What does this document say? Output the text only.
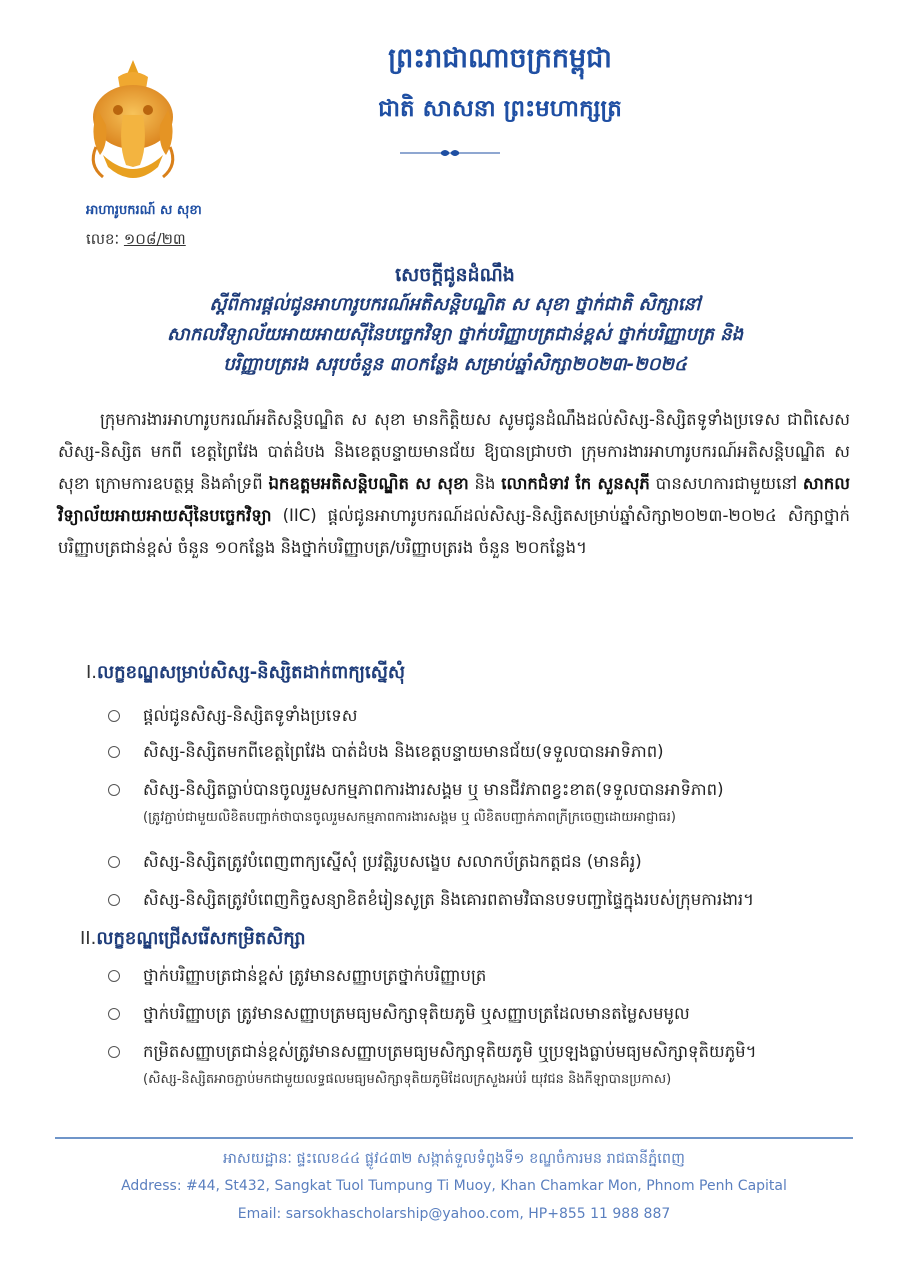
ព្រះរាជាណាចក្រកម្ពុជា
ជាតិ សាសនា ព្រះមហាក្សត្រ
អាហារូបករណ៍ ស សុខា
លេខៈ ១០៨/២៣
សេចក្តីជូនដំណឹង
ស្តីពីការផ្តល់ជូនអាហារូបករណ៍អតិសន្តិបណ្ឌិត ស សុខា ថ្នាក់ជាតិ សិក្សានៅ
សាកលវិទ្យាល័យអាយអាយស៊ីនៃបច្ចេកវិទ្យា ថ្នាក់បរិញ្ញាបត្រជាន់ខ្ពស់ ថ្នាក់បរិញ្ញាបត្រ និង
បរិញ្ញាបត្ររង សរុបចំនួន ៣០កន្លែង សម្រាប់ឆ្នាំសិក្សា២០២៣-២០២៤
ក្រុមការងារអាហារូបករណ៍អតិសន្តិបណ្ឌិត ស សុខា មានកិត្តិយស សូមជូនដំណឹងដល់សិស្ស-និស្សិតទូទាំងប្រទេស ជាពិសេសសិស្ស-និស្សិត មកពី ខេត្តព្រៃវែង បាត់ដំបង និងខេត្តបន្ទាយមានជ័យ ឱ្យបានជ្រាបថា ក្រុមការងារអាហារូបករណ៍អតិសន្តិបណ្ឌិត ស សុខា ក្រោមការឧបត្ថម្ភ និងគាំទ្រពី ឯកឧត្តមអតិសន្តិបណ្ឌិត ស សុខា និង លោកជំទាវ កែ សួនសុភី បានសហការជាមួយនៅ សាកលវិទ្យាល័យអាយអាយស៊ីនៃបច្ចេកវិទ្យា (IIC) ផ្តល់ជូនអាហារូបករណ៍ដល់សិស្ស-និស្សិតសម្រាប់ឆ្នាំសិក្សា២០២៣-២០២៤ សិក្សាថ្នាក់បរិញ្ញាបត្រជាន់ខ្ពស់ ចំនួន ១០កន្លែង និងថ្នាក់បរិញ្ញាបត្រ/បរិញ្ញាបត្ររង ចំនួន ២០កន្លែង។
I.លក្ខខណ្ឌសម្រាប់សិស្ស-និស្សិតដាក់ពាក្យស្នើសុំ
ផ្តល់ជូនសិស្ស-និស្សិតទូទាំងប្រទេស
សិស្ស-និស្សិតមកពីខេត្តព្រៃវែង បាត់ដំបង និងខេត្តបន្ទាយមានជ័យ(ទទួលបានអាទិភាព)
សិស្ស-និស្សិតធ្លាប់បានចូលរួមសកម្មភាពការងារសង្គម ឬ មានជីវភាពខ្វះខាត(ទទួលបានអាទិភាព)
(ត្រូវភ្ជាប់ជាមួយលិខិតបញ្ជាក់ថាបានចូលរួមសកម្មភាពការងារសង្គម ឬ លិខិតបញ្ជាក់ភាពក្រីក្រចេញដោយអាជ្ញាធរ)
សិស្ស-និស្សិតត្រូវបំពេញពាក្យស្នើសុំ ប្រវត្តិរូបសង្ខេប សលាកប័ត្រឯកត្តជន (មានគំរូ)
សិស្ស-និស្សិតត្រូវបំពេញកិច្ចសន្យាខិតខំរៀនសូត្រ និងគោរពតាមវិធានបទបញ្ជាផ្ទៃក្នុងរបស់ក្រុមការងារ។
II.លក្ខខណ្ឌជ្រើសរើសកម្រិតសិក្សា
ថ្នាក់បរិញ្ញាបត្រជាន់ខ្ពស់ ត្រូវមានសញ្ញាបត្រថ្នាក់បរិញ្ញាបត្រ
ថ្នាក់បរិញ្ញាបត្រ ត្រូវមានសញ្ញាបត្រមធ្យមសិក្សាទុតិយភូមិ ឬសញ្ញាបត្រដែលមានតម្លៃសមមូល
កម្រិតសញ្ញាបត្រជាន់ខ្ពស់ត្រូវមានសញ្ញាបត្រមធ្យមសិក្សាទុតិយភូមិ ឬប្រឡងធ្លាប់មធ្យមសិក្សាទុតិយភូមិ។
(សិស្ស-និស្សិតអាចភ្ជាប់មកជាមួយលទ្ធផលមធ្យមសិក្សាទុតិយភូមិដែលក្រសួងអប់រំ យុវជន និងកីឡាបានប្រកាស)
អាសយដ្ឋានៈ ផ្ទះលេខ៤៤ ផ្លូវ៤៣២ សង្កាត់ទួលទំពូងទី១ ខណ្ឌចំការមន រាជធានីភ្នំពេញ
Address: #44, St432, Sangkat Tuol Tumpung Ti Muoy, Khan Chamkar Mon, Phnom Penh Capital
Email: sarsokhascholarship@yahoo.com, HP+855 11 988 887
